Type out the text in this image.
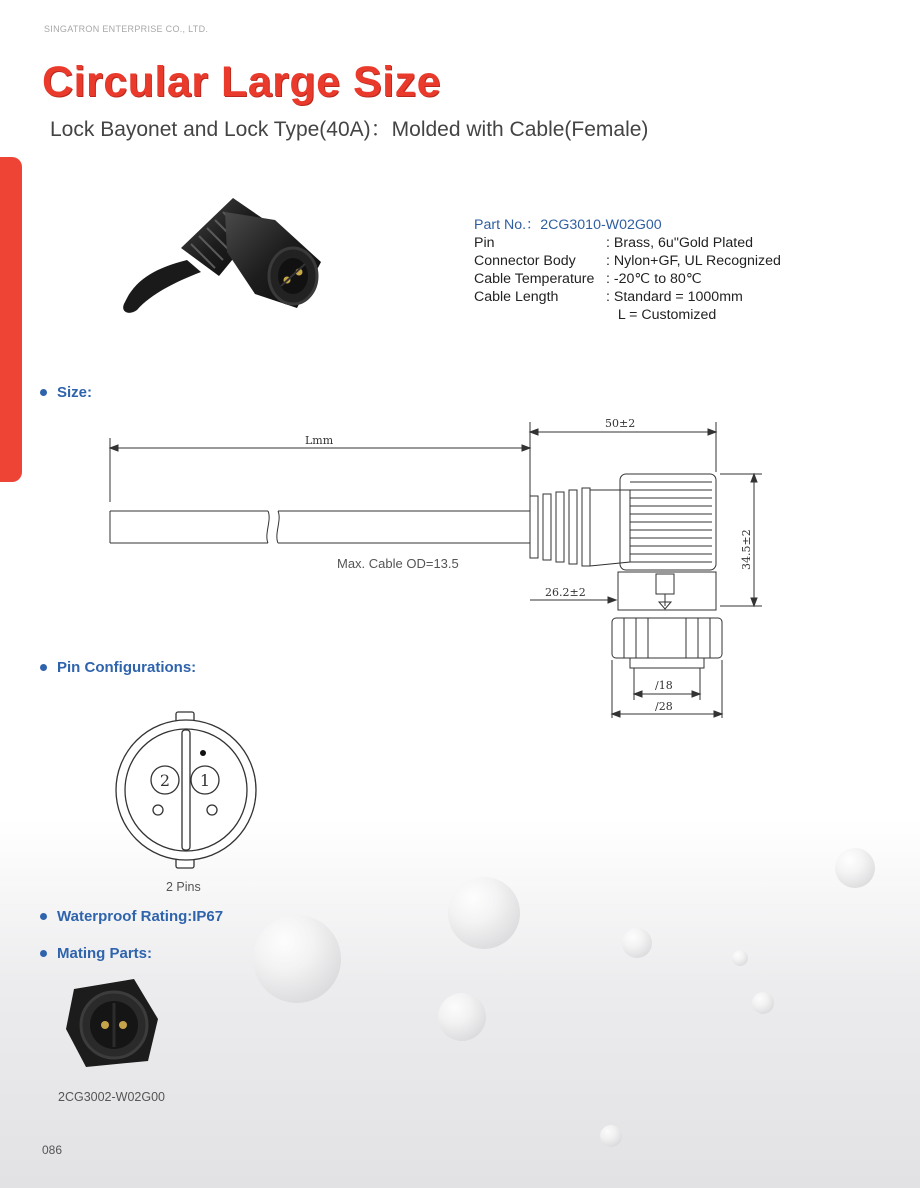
SINGATRON ENTERPRISE CO., LTD.
Circular Large Size
Lock Bayonet and Lock Type(40A)：Molded with Cable(Female)
Part No.：2CG3010-W02G00
Pin	: Brass, 6u"Gold Plated
Connector Body	: Nylon+GF, UL Recognized
Cable Temperature : -20℃ to 80℃
Cable Length	: Standard = 1000mm
L = Customized
Size:
Pin Configurations:
Waterproof Rating:IP67
Mating Parts:
Lmm
Max. Cable OD=13.5
50±2
34.5±2
26.2±2
∕18
∕28
2 1
2 Pins
2CG3002-W02G00
086
